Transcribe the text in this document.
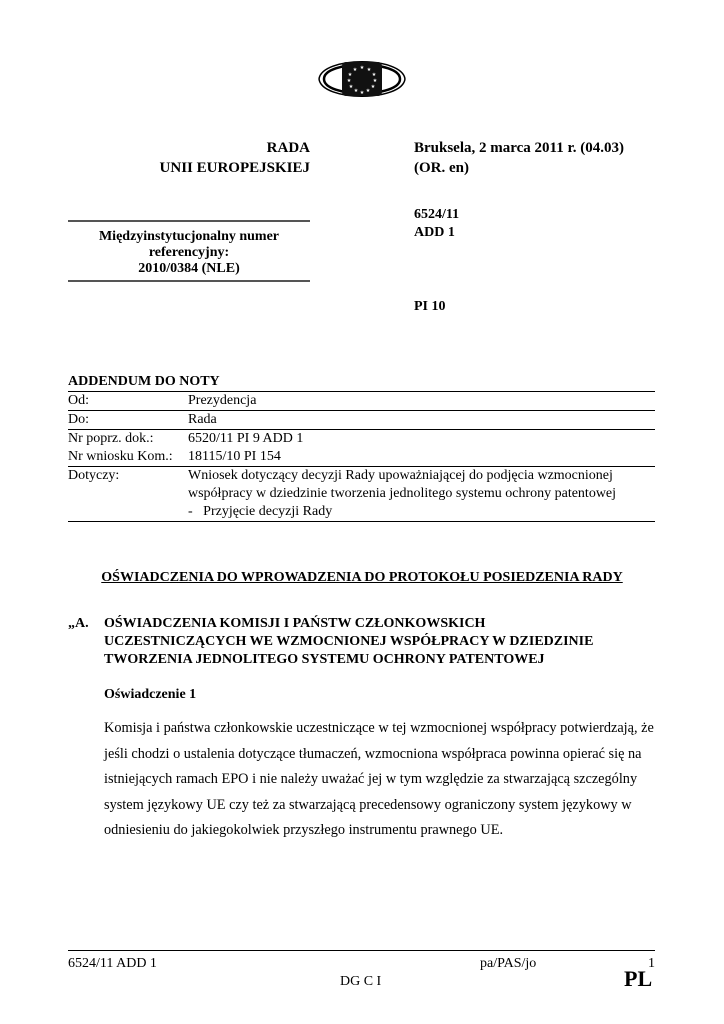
★ ★
★
★
★
★
★
★
★
★
★
★
RADA
UNII EUROPEJSKIEJ
Międzyinstytucjonalny numer
referencyjny:
2010/0384 (NLE)
Bruksela, 2 marca 2011 r. (04.03)
(OR. en)
6524/11
ADD 1
PI 10
ADDENDUM DO NOTY
Od:	Prezydencja
Do:	Rada
Nr poprz. dok.:	6520/11 PI 9 ADD 1
Nr wniosku Kom.:	18115/10 PI 154
Dotyczy:	Wniosek dotyczący decyzji Rady upoważniającej do podjęcia wzmocnionej współpracy w dziedzinie tworzenia jednolitego systemu ochrony patentowej
-   Przyjęcie decyzji Rady
OŚWIADCZENIA DO WPROWADZENIA DO PROTOKOŁU POSIEDZENIA RADY
„A. OŚWIADCZENIA KOMISJI I PAŃSTW CZŁONKOWSKICH
UCZESTNICZĄCYCH WE WZMOCNIONEJ WSPÓŁPRACY W DZIEDZINIE
TWORZENIA JEDNOLITEGO SYSTEMU OCHRONY PATENTOWEJ
Oświadczenie 1
Komisja i państwa członkowskie uczestniczące w tej wzmocnionej współpracy potwierdzają, że jeśli chodzi o ustalenia dotyczące tłumaczeń, wzmocniona współpraca powinna opierać się na istniejących ramach EPO i nie należy uważać jej w tym względzie za stwarzającą szczególny system językowy UE czy też za stwarzającą precedensowy ograniczony system językowy w odniesieniu do jakiegokolwiek przyszłego instrumentu prawnego UE.
6524/11 ADD 1	pa/PAS/jo	1
DG C I	PL
